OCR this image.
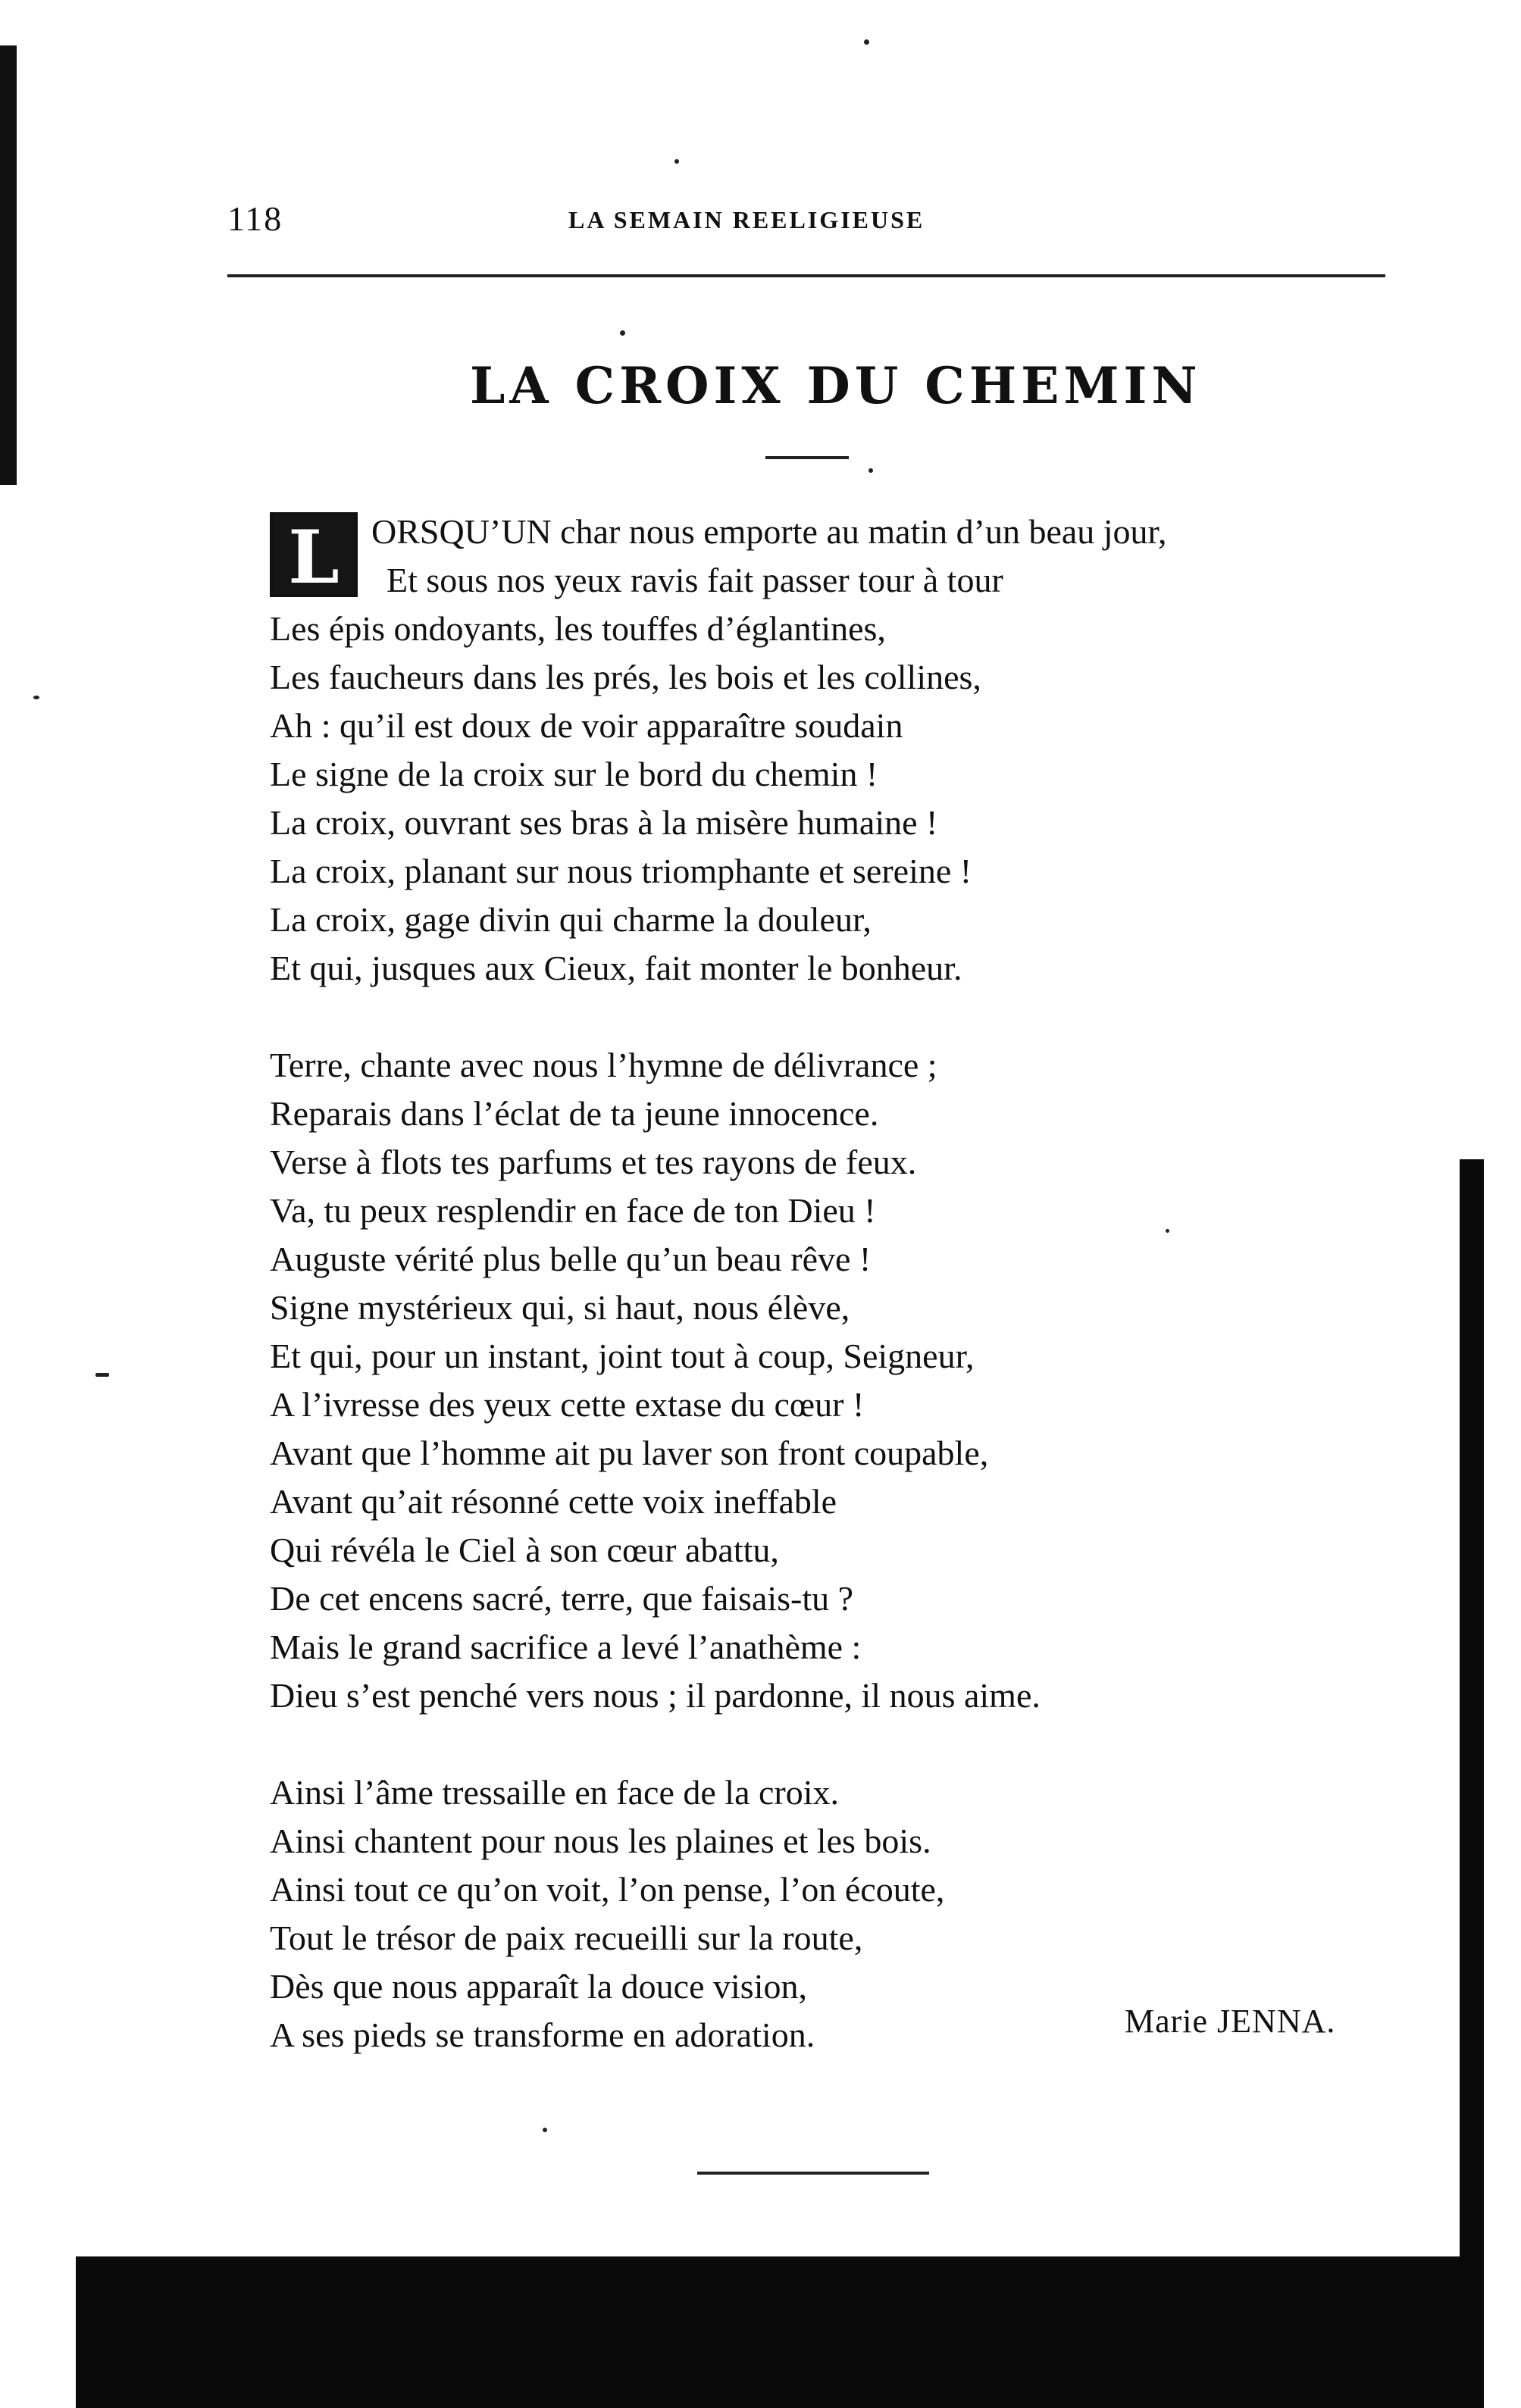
118	LA SEMAIN REELIGIEUSE
LA CROIX DU CHEMIN
L ORSQU’UN char nous emporte au matin d’un beau jour,
Et sous nos yeux ravis fait passer tour à tour
Les épis ondoyants, les touffes d’églantines,
Les faucheurs dans les prés, les bois et les collines,
Ah : qu’il est doux de voir apparaître soudain
Le signe de la croix sur le bord du chemin !
La croix, ouvrant ses bras à la misère humaine !
La croix, planant sur nous triomphante et sereine !
La croix, gage divin qui charme la douleur,
Et qui, jusques aux Cieux, fait monter le bonheur.
Terre, chante avec nous l’hymne de délivrance ;
Reparais dans l’éclat de ta jeune innocence.
Verse à flots tes parfums et tes rayons de feux.
Va, tu peux resplendir en face de ton Dieu !
Auguste vérité plus belle qu’un beau rêve !
Signe mystérieux qui, si haut, nous élève,
Et qui, pour un instant, joint tout à coup, Seigneur,
A l’ivresse des yeux cette extase du cœur !
Avant que l’homme ait pu laver son front coupable,
Avant qu’ait résonné cette voix ineffable
Qui révéla le Ciel à son cœur abattu,
De cet encens sacré, terre, que faisais-tu ?
Mais le grand sacrifice a levé l’anathème :
Dieu s’est penché vers nous ; il pardonne, il nous aime.
Ainsi l’âme tressaille en face de la croix.
Ainsi chantent pour nous les plaines et les bois.
Ainsi tout ce qu’on voit, l’on pense, l’on écoute,
Tout le trésor de paix recueilli sur la route,
Dès que nous apparaît la douce vision,
A ses pieds se transforme en adoration.	Marie JENNA.
